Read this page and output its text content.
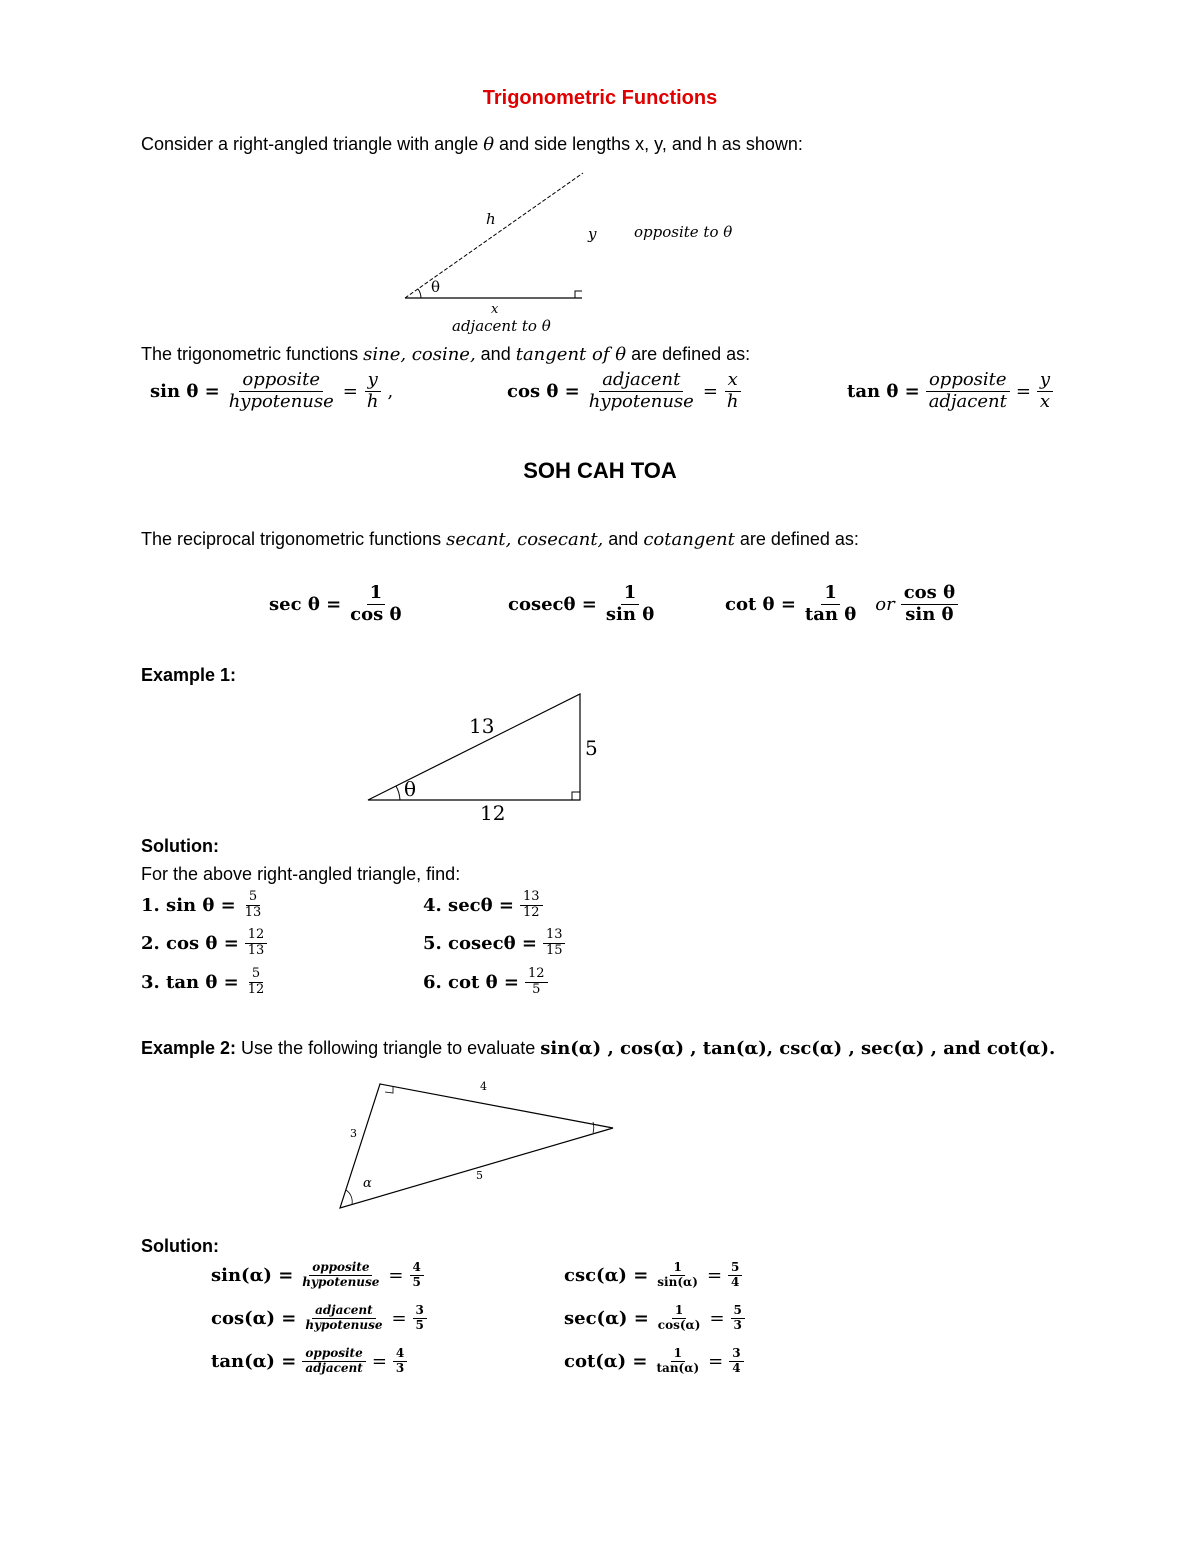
Trigonometric Functions
Consider a right-angled triangle with angle θ and side lengths x, y, and h as shown:
h
y	opposite to θ
θ
x
adjacent to θ
The trigonometric functions sine, cosine, and tangent of θ are defined as:
$\sin \theta = \frac{\text{opposite}}{\text{hypotenuse}} = \frac{y}{h}$ ,	$\cos \theta = \frac{\text{adjacent}}{\text{hypotenuse}} = \frac{x}{h}$	$\tan \theta = \frac{\text{opposite}}{\text{adjacent}} = \frac{y}{x}$
SOH CAH TOA
The reciprocal trigonometric functions secant, cosecant, and cotangent are defined as:
$\sec \theta = \frac{1}{\text{cos θ}}$	$cosec\theta = \frac{1}{\text{sin θ}}$	$\cot \theta = \frac{1}{\text{tan θ}}$ or $\frac{\text{cos θ}}{\text{sin θ}}$
Example 1:
13
5
θ
12
Solution:
For the above right-angled triangle, find:
1. $\sin \theta = \frac{5}{13}$
2. $\cos \theta = \frac{12}{13}$
3. $\tan \theta = \frac{5}{12}$
4. $\sec\theta = \frac{13}{12}$
5. $cosec\theta = \frac{13}{15}$
6. $\cot \theta = \frac{12}{5}$
Example 2: Use the following triangle to evaluate sin(α) , cos(α) , tan(α), csc(α) , sec(α) , and cot(α).
4
3
5
α
Solution:
$\sin(\alpha) = \frac{\text{opposite}}{\text{hypotenuse}} = \frac{4}{5}$
$\cos(\alpha) = \frac{\text{adjacent}}{\text{hypotenuse}} = \frac{3}{5}$
$\tan(\alpha) = \frac{\text{opposite}}{\text{adjacent}} = \frac{4}{3}$
$\csc(\alpha) = \frac{1}{\sin(\alpha)} = \frac{5}{4}$
$\sec(\alpha) = \frac{1}{\cos(\alpha)} = \frac{5}{3}$
$\cot(\alpha) = \frac{1}{\tan(\alpha)} = \frac{3}{4}$
